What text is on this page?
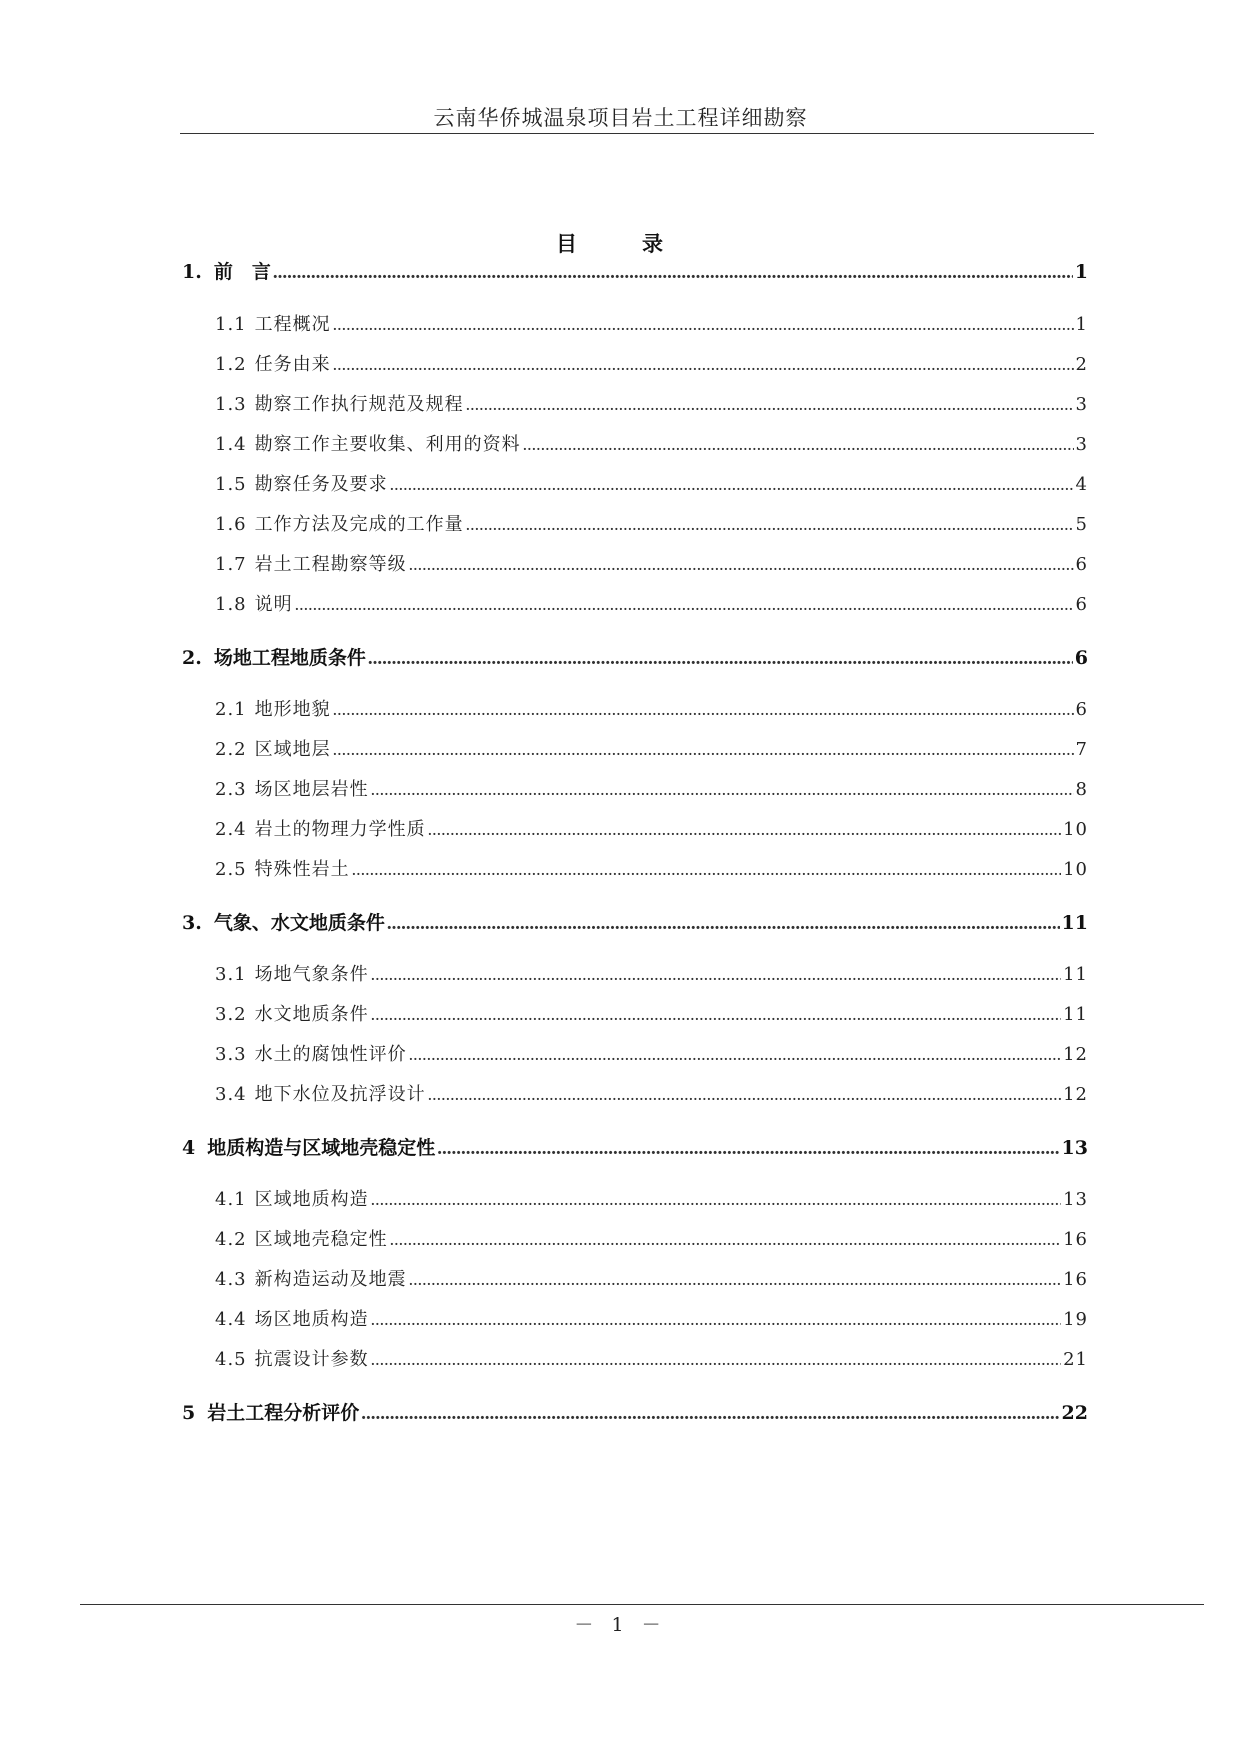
云南华侨城温泉项目岩土工程详细勘察
目　录
1. 前　言 .....	1
1.1 工程概况 .....	1
1.2 任务由来 .....	2
1.3 勘察工作执行规范及规程 .....	3
1.4 勘察工作主要收集、利用的资料 .....	3
1.5 勘察任务及要求 .....	4
1.6 工作方法及完成的工作量 .....	5
1.7 岩土工程勘察等级 .....	6
1.8 说明 .....	6
2. 场地工程地质条件 .....	6
2.1 地形地貌 .....	6
2.2 区域地层 .....	7
2.3 场区地层岩性 .....	8
2.4 岩土的物理力学性质 .....	10
2.5 特殊性岩土 .....	10
3. 气象、水文地质条件 .....	11
3.1 场地气象条件 .....	11
3.2 水文地质条件 .....	11
3.3 水土的腐蚀性评价 .....	12
3.4 地下水位及抗浮设计 .....	12
4 地质构造与区域地壳稳定性 .....	13
4.1 区域地质构造 .....	13
4.2 区域地壳稳定性 .....	16
4.3 新构造运动及地震 .....	16
4.4 场区地质构造 .....	19
4.5 抗震设计参数 .....	21
5 岩土工程分析评价 .....	22
－ 1 －
